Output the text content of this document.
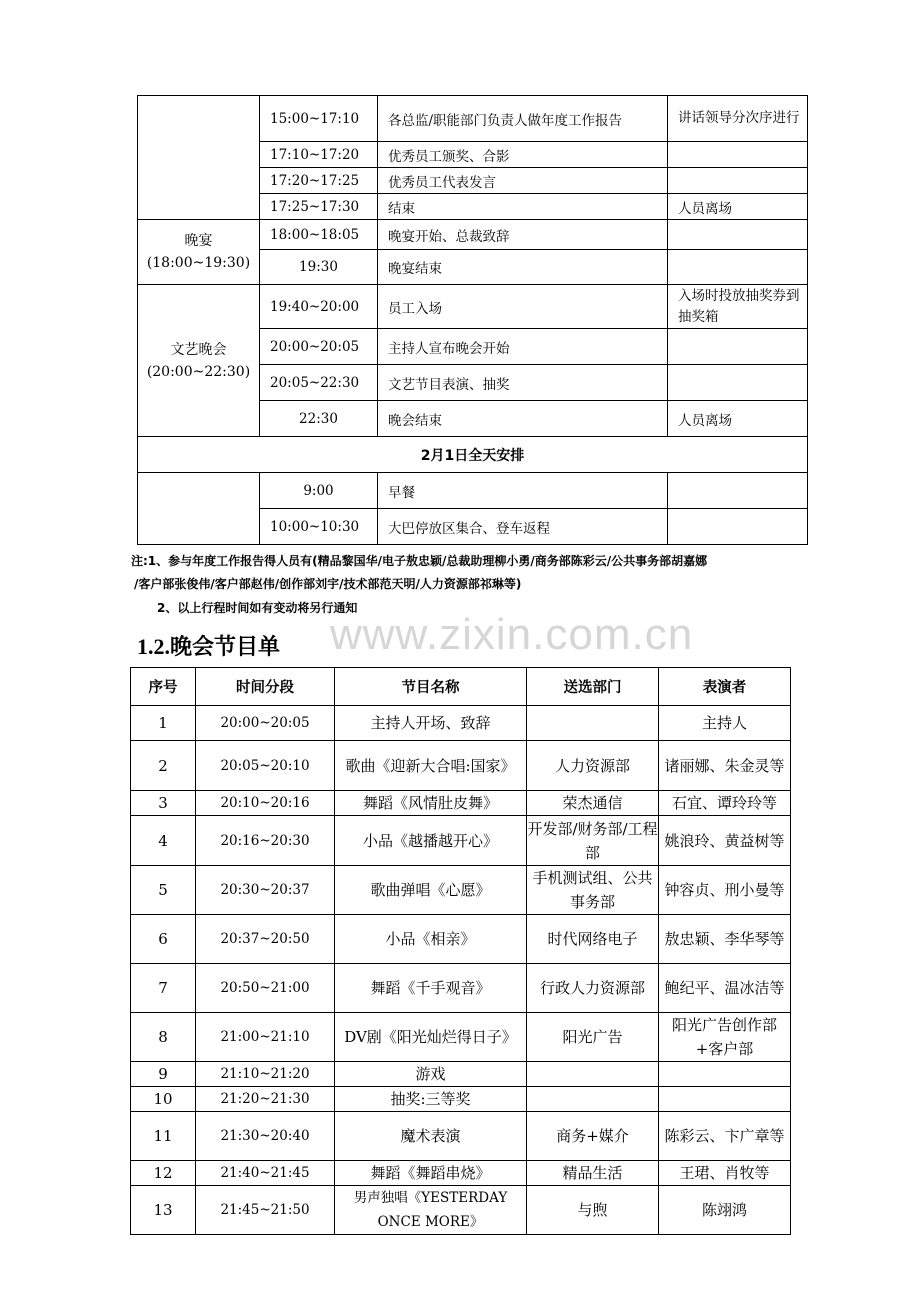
	15:00~17:10	各总监/职能部门负责人做年度工作报告	讲话领导分次序进行
	17:10~17:20	优秀员工颁奖、合影	
	17:20~17:25	优秀员工代表发言	
	17:25~17:30	结束	人员离场

晚宴
(18:00~19:30)	18:00~18:05	晚宴开始、总裁致辞	
	19:30	晚宴结束	

文艺晚会
(20:00~22:30)	19:40~20:00	员工入场	入场时投放抽奖券到抽奖箱
	20:00~20:05	主持人宣布晚会开始	
	20:05~22:30	文艺节目表演、抽奖	
	22:30	晚会结束	人员离场
2月1日全天安排			
	9:00	早餐	
	10:00~10:30	大巴停放区集合、登车返程	
注:1、参与年度工作报告得人员有(精品黎国华/电子敖忠颖/总裁助理柳小勇/商务部陈彩云/公共事务部胡嘉娜
/客户部张俊伟/客户部赵伟/创作部刘宇/技术部范天明/人力资源部祁琳等)
2、以上行程时间如有变动将另行通知
www.zixin.com.cn
1.2.晚会节目单
序号	时间分段	节目名称	送选部门	表演者
1	20:00~20:05	主持人开场、致辞		主持人
2	20:05~20:10	歌曲《迎新大合唱:国家》	人力资源部	诸丽娜、朱金灵等
3	20:10~20:16	舞蹈《风情肚皮舞》	荣杰通信	石宜、谭玲玲等
4	20:16~20:30	小品《越播越开心》	开发部/财务部/工程部	姚浪玲、黄益树等
5	20:30~20:37	歌曲弹唱《心愿》	手机测试组、公共事务部	钟容贞、刑小曼等
6	20:37~20:50	小品《相亲》	时代网络电子	敖忠颖、李华琴等
7	20:50~21:00	舞蹈《千手观音》	行政人力资源部	鲍纪平、温冰洁等
8	21:00~21:10	DV剧《阳光灿烂得日子》	阳光广告	阳光广告创作部+客户部
9	21:10~21:20	游戏		
10	21:20~21:30	抽奖:三等奖		
11	21:30~20:40	魔术表演	商务+媒介	陈彩云、卞广章等
12	21:40~21:45	舞蹈《舞蹈串烧》	精品生活	王珺、肖牧等
13	21:45~21:50	男声独唱《YESTERDAY ONCE MORE》	与煦	陈翊鸿
